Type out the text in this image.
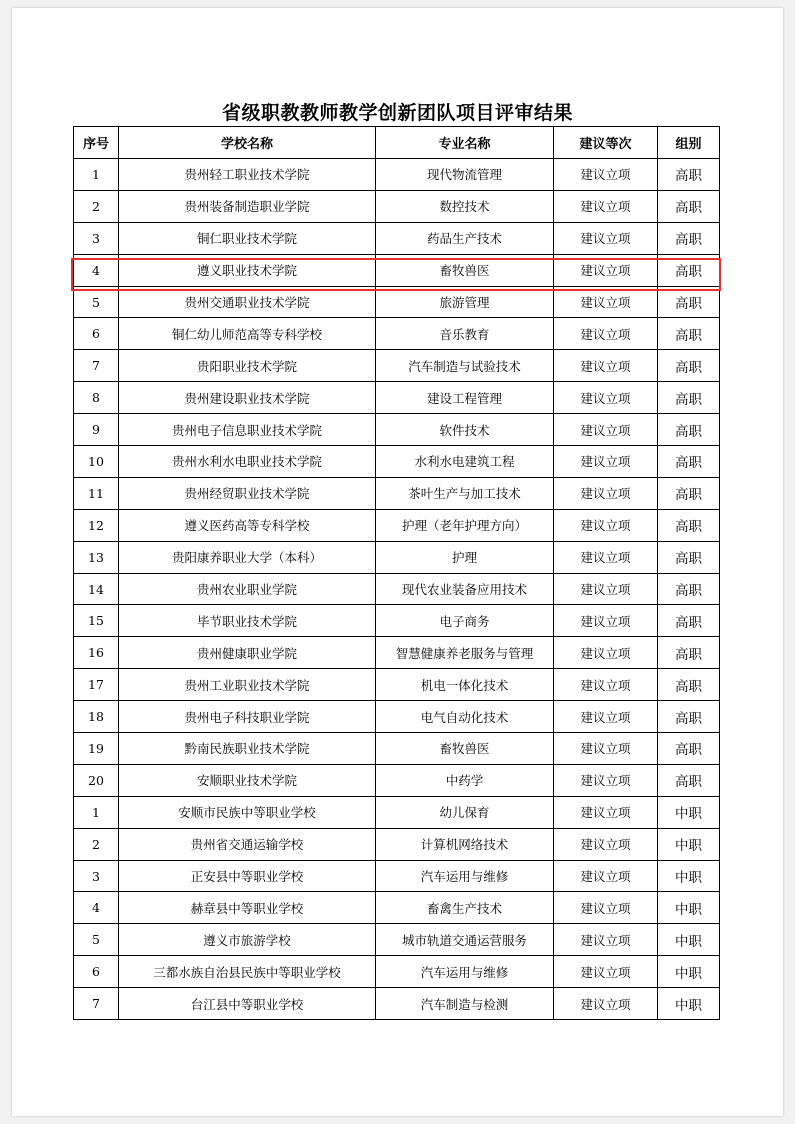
省级职教教师教学创新团队项目评审结果
序号	学校名称	专业名称	建议等次	组别
1	贵州轻工职业技术学院	现代物流管理	建议立项	高职
2	贵州装备制造职业学院	数控技术	建议立项	高职
3	铜仁职业技术学院	药品生产技术	建议立项	高职
4	遵义职业技术学院	畜牧兽医	建议立项	高职
5	贵州交通职业技术学院	旅游管理	建议立项	高职
6	铜仁幼儿师范高等专科学校	音乐教育	建议立项	高职
7	贵阳职业技术学院	汽车制造与试验技术	建议立项	高职
8	贵州建设职业技术学院	建设工程管理	建议立项	高职
9	贵州电子信息职业技术学院	软件技术	建议立项	高职
10	贵州水利水电职业技术学院	水利水电建筑工程	建议立项	高职
11	贵州经贸职业技术学院	茶叶生产与加工技术	建议立项	高职
12	遵义医药高等专科学校	护理（老年护理方向）	建议立项	高职
13	贵阳康养职业大学（本科）	护理	建议立项	高职
14	贵州农业职业学院	现代农业装备应用技术	建议立项	高职
15	毕节职业技术学院	电子商务	建议立项	高职
16	贵州健康职业学院	智慧健康养老服务与管理	建议立项	高职
17	贵州工业职业技术学院	机电一体化技术	建议立项	高职
18	贵州电子科技职业学院	电气自动化技术	建议立项	高职
19	黔南民族职业技术学院	畜牧兽医	建议立项	高职
20	安顺职业技术学院	中药学	建议立项	高职
1	安顺市民族中等职业学校	幼儿保育	建议立项	中职
2	贵州省交通运输学校	计算机网络技术	建议立项	中职
3	正安县中等职业学校	汽车运用与维修	建议立项	中职
4	赫章县中等职业学校	畜禽生产技术	建议立项	中职
5	遵义市旅游学校	城市轨道交通运营服务	建议立项	中职
6	三都水族自治县民族中等职业学校	汽车运用与维修	建议立项	中职
7	台江县中等职业学校	汽车制造与检测	建议立项	中职
